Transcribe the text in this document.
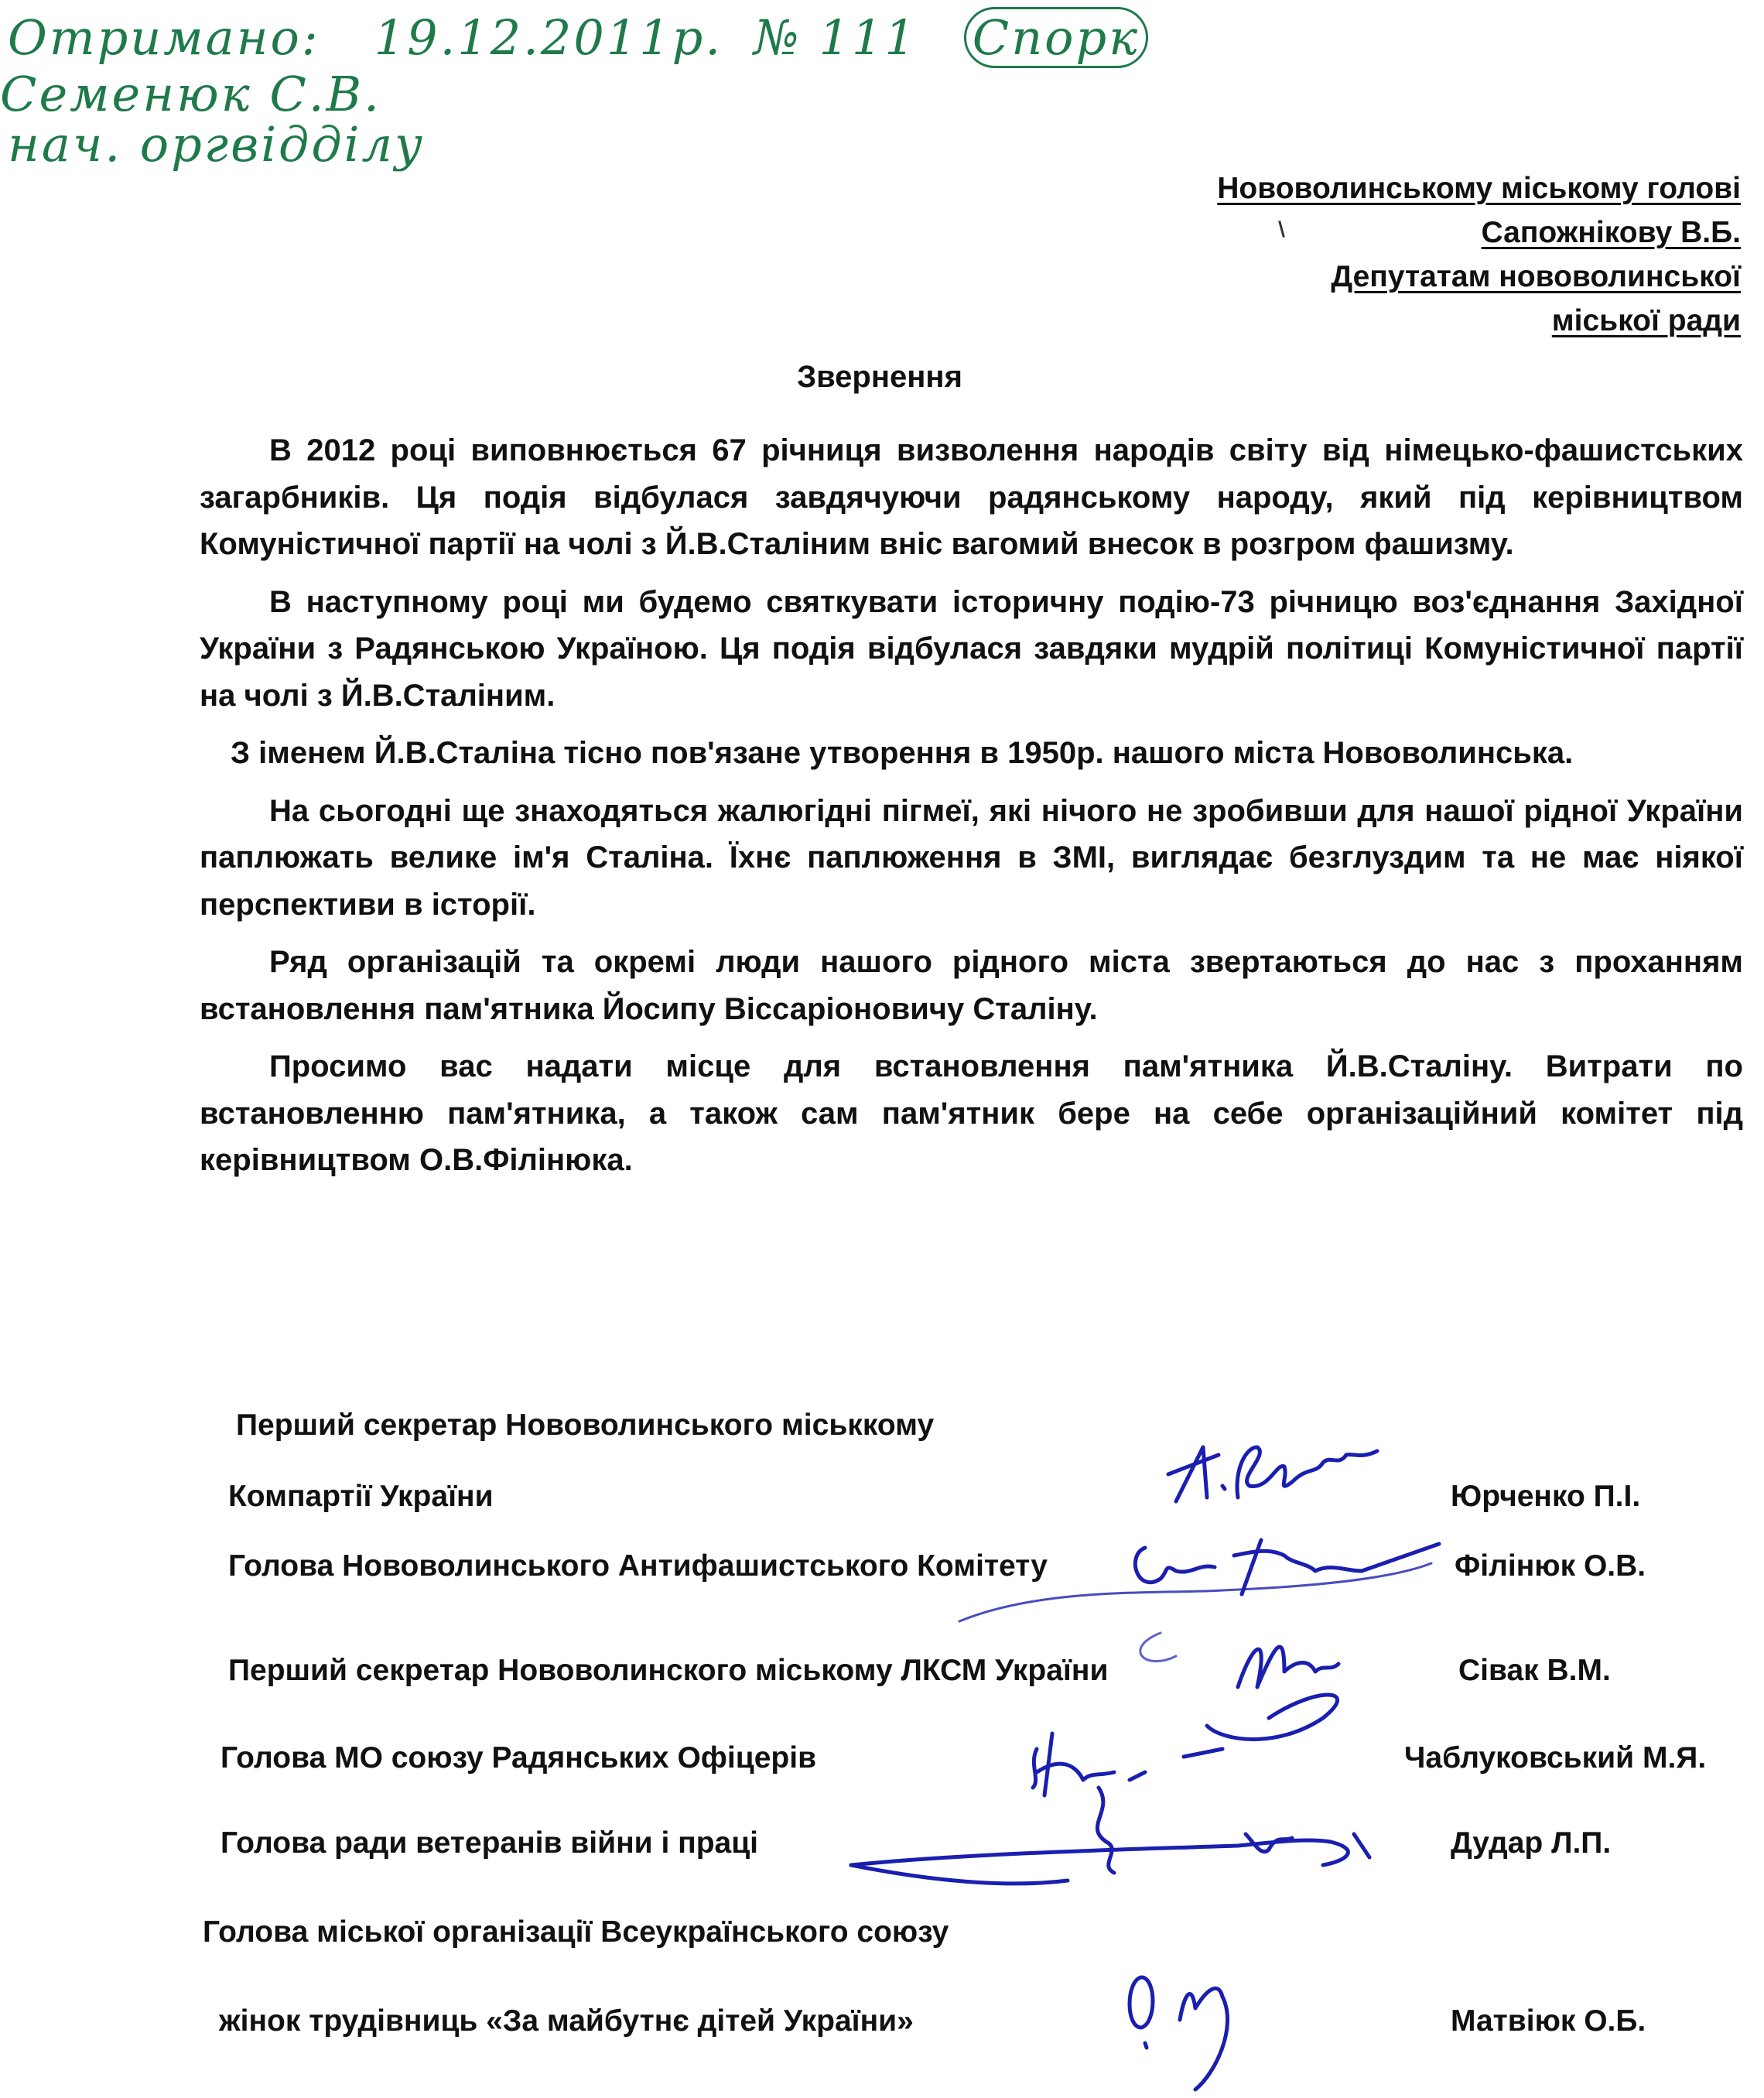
Отримано: 19.12.2011р. № 111 Спорк
Семенюк С.В.
нач. оргвідділу
Нововолинському міському голові
Сапожнікову В.Б.
Депутатам нововолинської
міської ради
Звернення

В 2012 році виповнюється 67 річниця визволення народів світу від німецько-фашистських загарбників. Ця подія відбулася завдячуючи радянському народу, який під керівництвом Комуністичної партії на чолі з Й.В.Сталіним вніс вагомий внесок в розгром фашизму.

В наступному році ми будемо святкувати історичну подію-73 річницю воз'єднання Західної України з Радянською Україною. Ця подія відбулася завдяки мудрій політиці Комуністичної партії на чолі з Й.В.Сталіним.

З іменем Й.В.Сталіна тісно пов'язане утворення в 1950р. нашого міста Нововолинська.

На сьогодні ще знаходяться жалюгідні пігмеї, які нічого не зробивши для нашої рідної України паплюжать велике ім'я Сталіна. Їхнє паплюження в ЗМІ, виглядає безглуздим та не має ніякої перспективи в історії.

Ряд організацій та окремі люди нашого рідного міста звертаються до нас з проханням встановлення пам'ятника Йосипу Віссаріоновичу Сталіну.

Просимо вас надати місце для встановлення пам'ятника Й.В.Сталіну. Витрати по встановленню пам'ятника, а також сам пам'ятник бере на себе організаційний комітет під керівництвом О.В.Філінюка.

Перший секретар Нововолинського міськкому
Компартії України	Юрченко П.І.
Голова Нововолинського Антифашистського Комітету	Філінюк О.В.
Перший секретар Нововолинского міському ЛКСМ України	Сівак В.М.
Голова МО союзу Радянських Офіцерів	Чаблуковський М.Я.
Голова ради ветеранів війни і праці	Дудар Л.П.
Голова міської організації Всеукраїнського союзу
жінок трудівниць «За майбутнє дітей України»	Матвіюк О.Б.
